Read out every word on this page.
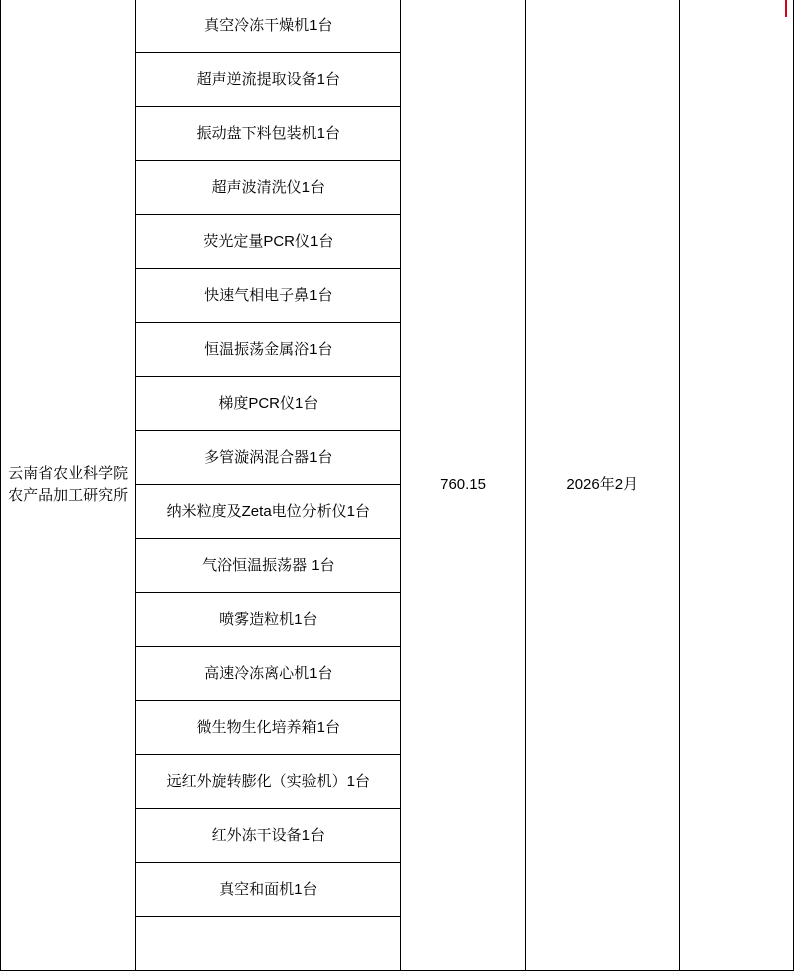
云南省农业科学院
农产品加工研究所
	真空冷冻干燥机1台	760.15	2026年2月	
超声逆流提取设备1台
振动盘下料包装机1台
超声波清洗仪1台
荧光定量PCR仪1台
快速气相电子鼻1台
恒温振荡金属浴1台
梯度PCR仪1台
多管漩涡混合器1台
纳米粒度及Zeta电位分析仪1台
气浴恒温振荡器 1台
喷雾造粒机1台
高速冷冻离心机1台
微生物生化培养箱1台
远红外旋转膨化（实验机）1台
红外冻干设备1台
真空和面机1台
